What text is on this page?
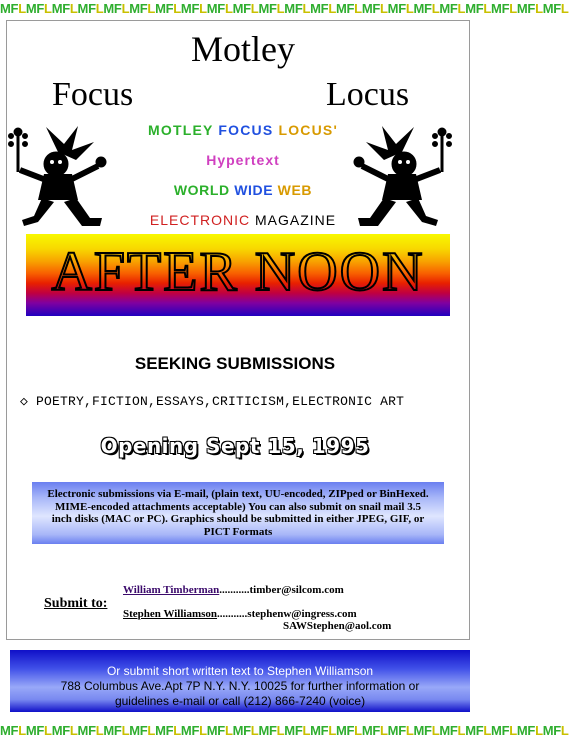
MFLMFLMFLMFLMFLMFLMFLMFLMFLMFLMFLMFLMFLMFLMFLMFLMFLMFLMFLMFLMFLMFL
Motley
Focus	Locus
MOTLEY FOCUS LOCUS'
Hypertext
WORLD WIDE WEB
ELECTRONIC MAGAZINE
AFTER NOON
SEEKING SUBMISSIONS
◇ POETRY,FICTION,ESSAYS,CRITICISM,ELECTRONIC ART
Opening Sept 15, 1995
Electronic submissions via E-mail, (plain text, UU-encoded, ZIPped or BinHexed. MIME-encoded attachments acceptable) You can also submit on snail mail 3.5 inch disks (MAC or PC). Graphics should be submitted in either JPEG, GIF, or PICT Formats
Submit to:
William Timberman...........timber@silcom.com
Stephen Williamson...........stephenw@ingress.com
SAWStephen@aol.com
Or submit short written text to Stephen Williamson
788 Columbus Ave.Apt 7P N.Y. N.Y. 10025 for further information or
guidelines e-mail or call (212) 866-7240 (voice)
MFLMFLMFLMFLMFLMFLMFLMFLMFLMFLMFLMFLMFLMFLMFLMFLMFLMFLMFLMFLMFLMFL
